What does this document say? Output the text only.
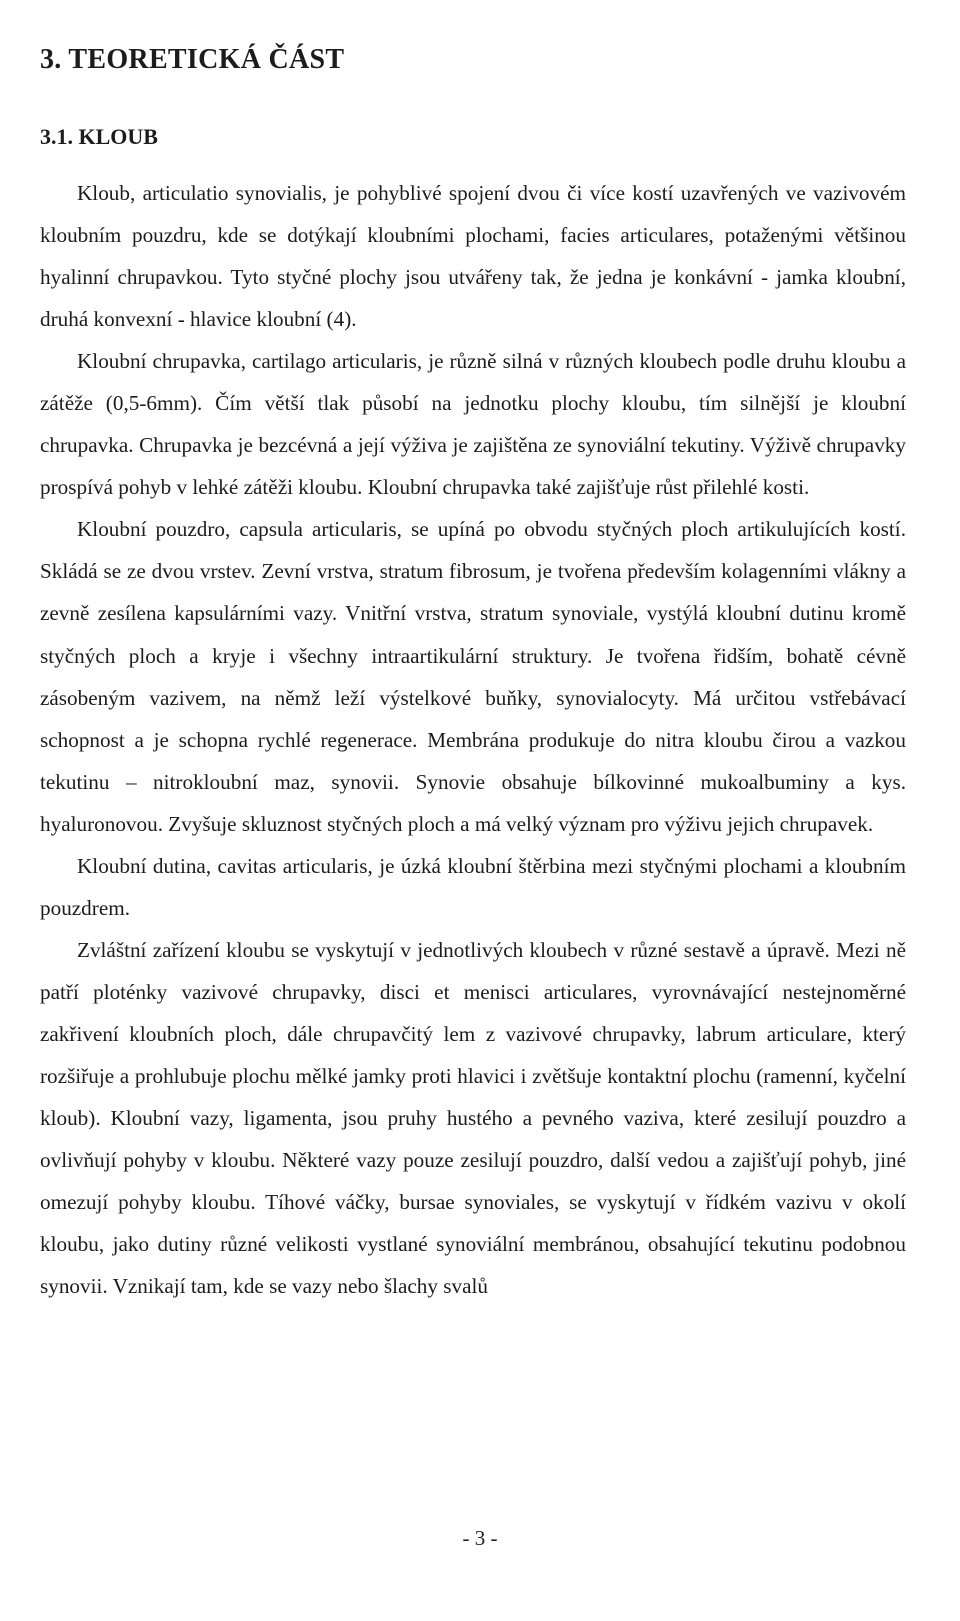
3. TEORETICKÁ ČÁST
3.1. KLOUB

Kloub, articulatio synovialis, je pohyblivé spojení dvou či více kostí uzavřených ve vazivovém kloubním pouzdru, kde se dotýkají kloubními plochami, facies articulares, potaženými většinou hyalinní chrupavkou. Tyto styčné plochy jsou utvářeny tak, že jedna je konkávní - jamka kloubní, druhá konvexní - hlavice kloubní (4).

Kloubní chrupavka, cartilago articularis, je různě silná v různých kloubech podle druhu kloubu a zátěže (0,5-6mm). Čím větší tlak působí na jednotku plochy kloubu, tím silnější je kloubní chrupavka. Chrupavka je bezcévná a její výživa je zajištěna ze synoviální tekutiny. Výživě chrupavky prospívá pohyb v lehké zátěži kloubu. Kloubní chrupavka také zajišťuje růst přilehlé kosti.

Kloubní pouzdro, capsula articularis, se upíná po obvodu styčných ploch artikulujících kostí. Skládá se ze dvou vrstev. Zevní vrstva, stratum fibrosum, je tvořena především kolagenními vlákny a zevně zesílena kapsulárními vazy. Vnitřní vrstva, stratum synoviale, vystýlá kloubní dutinu kromě styčných ploch a kryje i všechny intraartikulární struktury. Je tvořena řidším, bohatě cévně zásobeným vazivem, na němž leží výstelkové buňky, synovialocyty. Má určitou vstřebávací schopnost a je schopna rychlé regenerace. Membrána produkuje do nitra kloubu čirou a vazkou tekutinu – nitrokloubní maz, synovii. Synovie obsahuje bílkovinné mukoalbuminy a kys. hyaluronovou. Zvyšuje skluznost styčných ploch a má velký význam pro výživu jejich chrupavek.

Kloubní dutina, cavitas articularis, je úzká kloubní štěrbina mezi styčnými plochami a kloubním pouzdrem.

Zvláštní zařízení kloubu se vyskytují v jednotlivých kloubech v různé sestavě a úpravě. Mezi ně patří ploténky vazivové chrupavky, disci et menisci articulares, vyrovnávající nestejnoměrné zakřivení kloubních ploch, dále chrupavčitý lem z vazivové chrupavky, labrum articulare, který rozšiřuje a prohlubuje plochu mělké jamky proti hlavici i zvětšuje kontaktní plochu (ramenní, kyčelní kloub). Kloubní vazy, ligamenta, jsou pruhy hustého a pevného vaziva, které zesilují pouzdro a ovlivňují pohyby v kloubu. Některé vazy pouze zesilují pouzdro, další vedou a zajišťují pohyb, jiné omezují pohyby kloubu. Tíhové váčky, bursae synoviales, se vyskytují v řídkém vazivu v okolí kloubu, jako dutiny různé velikosti vystlané synoviální membránou, obsahující tekutinu podobnou synovii. Vznikají tam, kde se vazy nebo šlachy svalů

- 3 -
